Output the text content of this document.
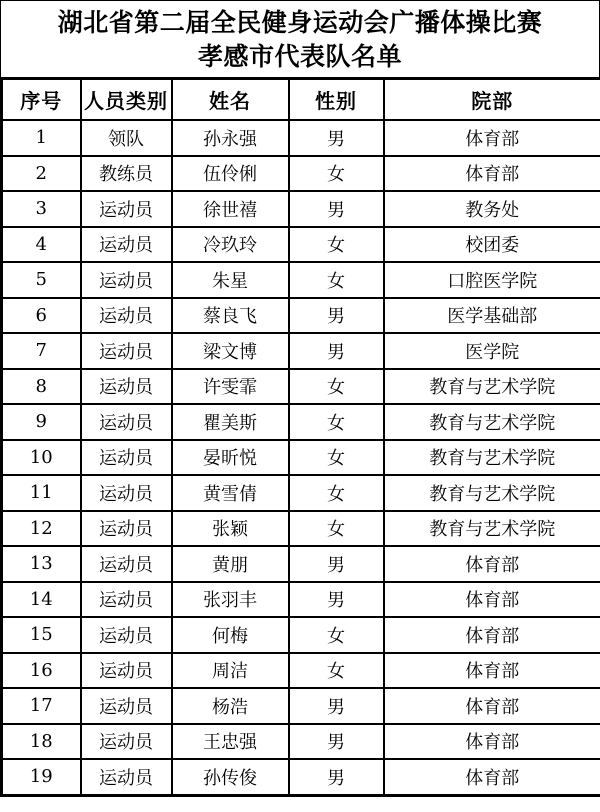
湖北省第二届全民健身运动会广播体操比赛
孝感市代表队名单
序号	人员类别	姓名	性别	院部
1	领队	孙永强	男	体育部
2	教练员	伍伶俐	女	体育部
3	运动员	徐世禧	男	教务处
4	运动员	冷玖玲	女	校团委
5	运动员	朱星	女	口腔医学院
6	运动员	蔡良飞	男	医学基础部
7	运动员	梁文博	男	医学院
8	运动员	许雯霏	女	教育与艺术学院
9	运动员	瞿美斯	女	教育与艺术学院
10	运动员	晏昕悦	女	教育与艺术学院
11	运动员	黄雪倩	女	教育与艺术学院
12	运动员	张颖	女	教育与艺术学院
13	运动员	黄朋	男	体育部
14	运动员	张羽丰	男	体育部
15	运动员	何梅	女	体育部
16	运动员	周洁	女	体育部
17	运动员	杨浩	男	体育部
18	运动员	王忠强	男	体育部
19	运动员	孙传俊	男	体育部
